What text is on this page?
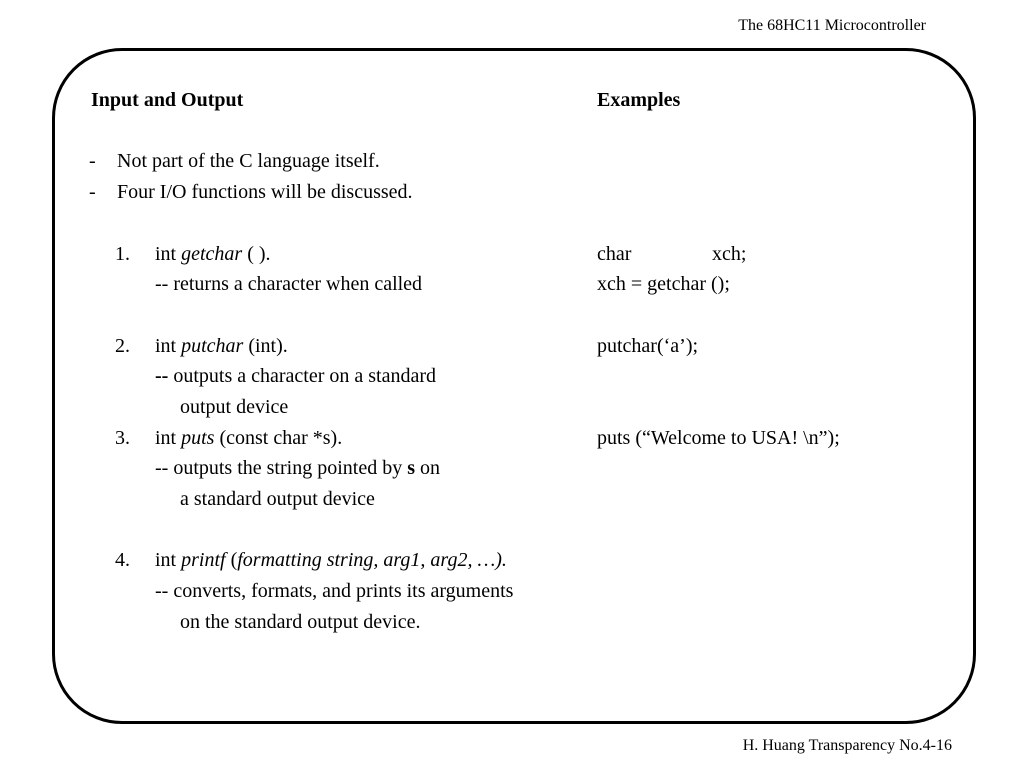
The 68HC11 Microcontroller
Input and Output	Examples
- Not part of the C language itself.
- Four I/O functions will be discussed.
1. int getchar ( ).
-- returns a character when called
char	xch;
xch = getchar ();
2. int putchar (int).
-- outputs a character on a standard
output device
putchar(‘a’);
3. int puts (const char *s).
-- outputs the string pointed by s on
a standard output device
puts (“Welcome to USA! \n”);
4. int printf (formatting string, arg1, arg2, …).
-- converts, formats, and prints its arguments
on the standard output device.
H. Huang Transparency No.4-16
